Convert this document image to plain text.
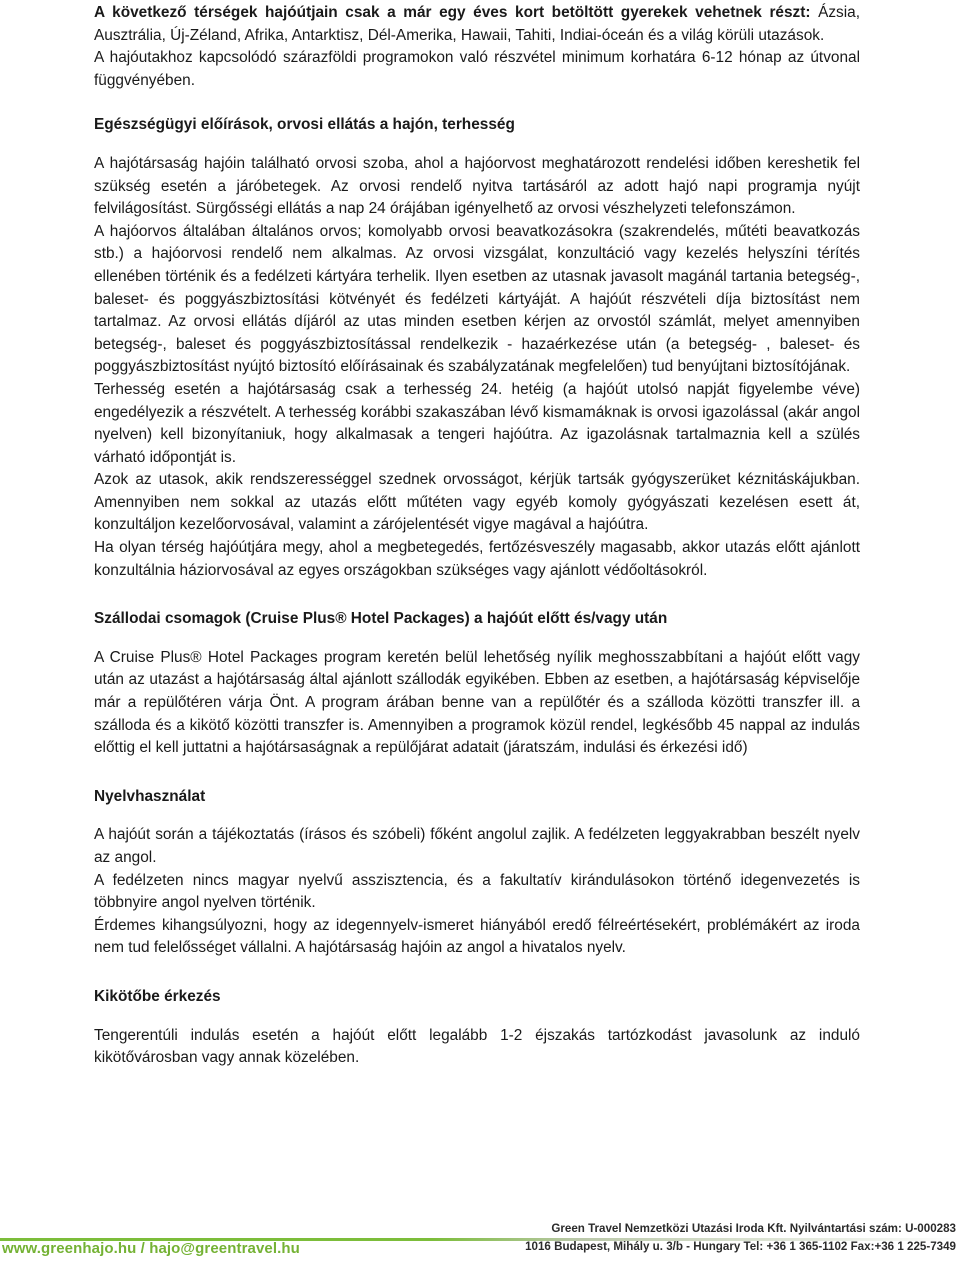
A következő térségek hajóútjain csak a már egy éves kort betöltött gyerekek vehetnek részt: Ázsia, Ausztrália, Új-Zéland, Afrika, Antarktisz, Dél-Amerika, Hawaii, Tahiti, Indiai-óceán és a világ körüli utazások.

A hajóutakhoz kapcsolódó szárazföldi programokon való részvétel minimum korhatára 6-12 hónap az útvonal függvényében.

Egészségügyi előírások, orvosi ellátás a hajón, terhesség

A hajótársaság hajóin található orvosi szoba, ahol a hajóorvost meghatározott rendelési időben kereshetik fel szükség esetén a járóbetegek. Az orvosi rendelő nyitva tartásáról az adott hajó napi programja nyújt felvilágosítást. Sürgősségi ellátás a nap 24 órájában igényelhető az orvosi vészhelyzeti telefonszámon.

A hajóorvos általában általános orvos; komolyabb orvosi beavatkozásokra (szakrendelés, műtéti beavatkozás stb.) a hajóorvosi rendelő nem alkalmas. Az orvosi vizsgálat, konzultáció vagy kezelés helyszíni térítés ellenében történik és a fedélzeti kártyára terhelik. Ilyen esetben az utasnak javasolt magánál tartania betegség-, baleset- és poggyászbiztosítási kötvényét és fedélzeti kártyáját. A hajóút részvételi díja biztosítást nem tartalmaz. Az orvosi ellátás díjáról az utas minden esetben kérjen az orvostól számlát, melyet amennyiben betegség-, baleset és poggyászbiztosítással rendelkezik - hazaérkezése után (a betegség- , baleset- és poggyászbiztosítást nyújtó biztosító előírásainak és szabályzatának megfelelően) tud benyújtani biztosítójának.

Terhesség esetén a hajótársaság csak a terhesség 24. hetéig (a hajóút utolsó napját figyelembe véve) engedélyezik a részvételt. A terhesség korábbi szakaszában lévő kismamáknak is orvosi igazolással (akár angol nyelven) kell bizonyítaniuk, hogy alkalmasak a tengeri hajóútra. Az igazolásnak tartalmaznia kell a szülés várható időpontját is.

Azok az utasok, akik rendszerességgel szednek orvosságot, kérjük tartsák gyógyszerüket kéznitáskájukban. Amennyiben nem sokkal az utazás előtt műtéten vagy egyéb komoly gyógyászati kezelésen esett át, konzultáljon kezelőorvosával, valamint a zárójelentését vigye magával a hajóútra.

Ha olyan térség hajóútjára megy, ahol a megbetegedés, fertőzésveszély magasabb, akkor utazás előtt ajánlott konzultálnia háziorvosával az egyes országokban szükséges vagy ajánlott védőoltásokról.

Szállodai csomagok (Cruise Plus® Hotel Packages) a hajóút előtt és/vagy után

A Cruise Plus® Hotel Packages program keretén belül lehetőség nyílik meghosszabbítani a hajóút előtt vagy után az utazást a hajótársaság által ajánlott szállodák egyikében. Ebben az esetben, a hajótársaság képviselője már a repülőtéren várja Önt. A program árában benne van a repülőtér és a szálloda közötti transzfer ill. a szálloda és a kikötő közötti transzfer is. Amennyiben a programok közül rendel, legkésőbb 45 nappal az indulás előttig el kell juttatni a hajótársaságnak a repülőjárat adatait (járatszám, indulási és érkezési idő)

Nyelvhasználat

A hajóút során a tájékoztatás (írásos és szóbeli) főként angolul zajlik. A fedélzeten leggyakrabban beszélt nyelv az angol.

A fedélzeten nincs magyar nyelvű asszisztencia, és a fakultatív kirándulásokon történő idegenvezetés is többnyire angol nyelven történik.

Érdemes kihangsúlyozni, hogy az idegennyelv-ismeret hiányából eredő félreértésekért, problémákért az iroda nem tud felelősséget vállalni. A hajótársaság hajóin az angol a hivatalos nyelv.

Kikötőbe érkezés

Tengerentúli indulás esetén a hajóút előtt legalább 1-2 éjszakás tartózkodást javasolunk az induló kikötővárosban vagy annak közelében.

www.greenhajo.hu / hajo@greentravel.hu
Green Travel Nemzetközi Utazási Iroda Kft. Nyilvántartási szám: U-000283
1016 Budapest, Mihály u. 3/b - Hungary Tel: +36 1 365-1102 Fax:+36 1 225-7349
